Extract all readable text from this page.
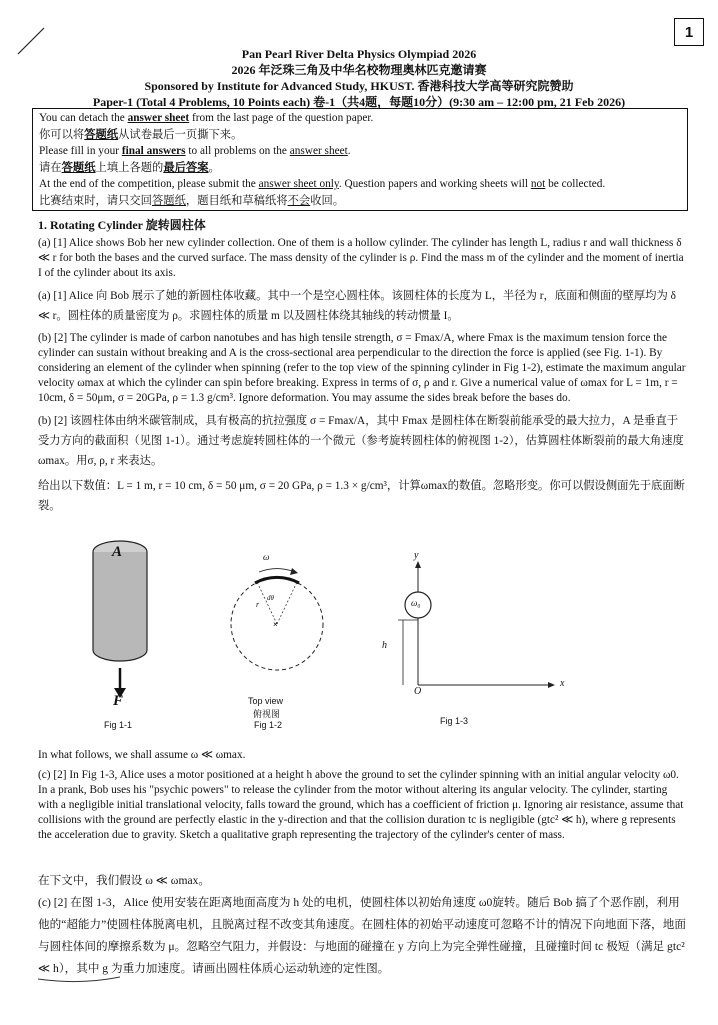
1
Pan Pearl River Delta Physics Olympiad 2026
2026 年泛珠三角及中华名校物理奥林匹克邀请赛
Sponsored by Institute for Advanced Study, HKUST. 香港科技大学高等研究院赞助
Paper-1 (Total 4 Problems, 10 Points each) 卷-1（共4题，每题10分）(9:30 am – 12:00 pm, 21 Feb 2026)
You can detach the answer sheet from the last page of the question paper.
你可以将答题纸从试卷最后一页撕下来。
Please fill in your final answers to all problems on the answer sheet.
请在答题纸上填上各题的最后答案。
At the end of the competition, please submit the answer sheet only. Question papers and working sheets will not be collected.
比赛结束时，请只交回答题纸，题目纸和草稿纸将不会收回。
1. Rotating Cylinder 旋转圆柱体

(a) [1] Alice shows Bob her new cylinder collection. One of them is a hollow cylinder. The cylinder has length L, radius r and wall thickness δ ≪ r for both the bases and the curved surface. The mass density of the cylinder is ρ. Find the mass m of the cylinder and the moment of inertia I of the cylinder about its axis.

(a) [1] Alice 向 Bob 展示了她的新圆柱体收藏。其中一个是空心圆柱体。该圆柱体的长度为 L，半径为 r，底面和侧面的壁厚均为 δ ≪ r。圆柱体的质量密度为 ρ。求圆柱体的质量 m 以及圆柱体绕其轴线的转动惯量 I。

(b) [2] The cylinder is made of carbon nanotubes and has high tensile strength, σ = Fmax/A, where Fmax is the maximum tension force the cylinder can sustain without breaking and A is the cross-sectional area perpendicular to the direction the force is applied (see Fig. 1-1). By considering an element of the cylinder when spinning (refer to the top view of the spinning cylinder in Fig 1-2), estimate the maximum angular velocity ωmax at which the cylinder can spin before breaking. Express in terms of σ, ρ and r. Give a numerical value of ωmax for L = 1m, r = 10cm, δ = 50μm, σ = 20GPa, ρ = 1.3 g/cm³. Ignore deformation. You may assume the sides break before the bases do.

(b) [2] 该圆柱体由纳米碳管制成，具有极高的抗拉强度 σ = Fmax/A，其中 Fmax 是圆柱体在断裂前能承受的最大拉力，A 是垂直于受力方向的截面积（见图 1-1）。通过考虑旋转圆柱体的一个微元（参考旋转圆柱体的俯视图 1-2），估算圆柱体断裂前的最大角速度 ωmax。用σ, ρ, r 来表达。

给出以下数值：L = 1 m, r = 10 cm, δ = 50 μm, σ = 20 GPa, ρ = 1.3 × g/cm³，计算ωmax的数值。忽略形变。你可以假设侧面先于底面断裂。

A
F
Fig 1-1
×
ω
r
dθ
Top view
俯视图
Fig 1-2
y
ω₀
h
O
x
Fig 1-3

In what follows, we shall assume ω ≪ ωmax.

(c) [2] In Fig 1-3, Alice uses a motor positioned at a height h above the ground to set the cylinder spinning with an initial angular velocity ω0. In a prank, Bob uses his "psychic powers" to release the cylinder from the motor without altering its angular velocity. The cylinder, starting with a negligible initial translational velocity, falls toward the ground, which has a coefficient of friction μ. Ignoring air resistance, assume that collisions with the ground are perfectly elastic in the y-direction and that the collision duration tc is negligible (gtc² ≪ h), where g represents the acceleration due to gravity. Sketch a qualitative graph representing the trajectory of the cylinder's center of mass.

在下文中，我们假设 ω ≪ ωmax。
(c) [2] 在图 1-3，Alice 使用安装在距离地面高度为 h 处的电机，使圆柱体以初始角速度 ω0旋转。随后 Bob 搞了个恶作剧，利用他的“超能力”使圆柱体脱离电机，且脱离过程不改变其角速度。在圆柱体的初始平动速度可忽略不计的情况下向地面下落，地面与圆柱体间的摩擦系数为 μ。忽略空气阻力，并假设：与地面的碰撞在 y 方向上为完全弹性碰撞，且碰撞时间 tc 极短（满足 gtc² ≪ h），其中 g 为重力加速度。请画出圆柱体质心运动轨迹的定性图。
